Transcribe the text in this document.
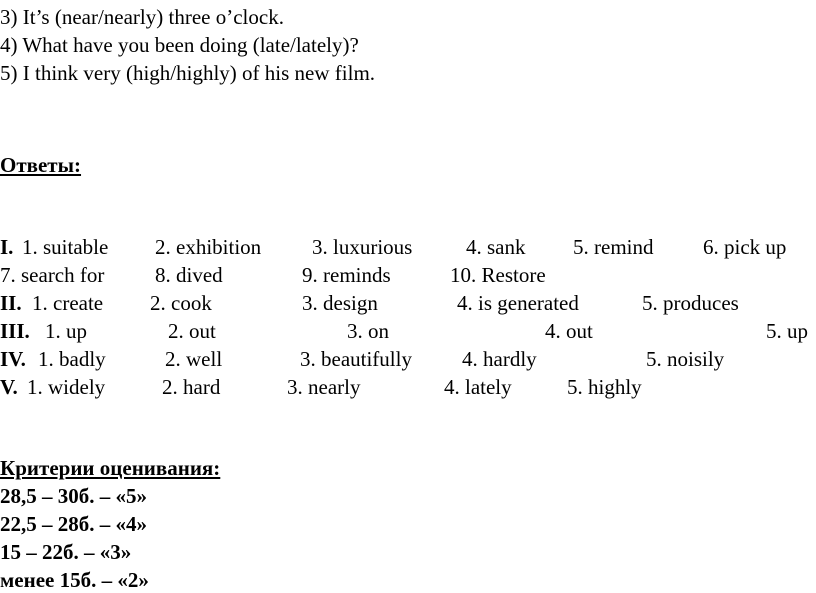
3) It’s (near/nearly) three o’clock.
4) What have you been doing (late/lately)?
5) I think very (high/highly) of his new film.
Ответы:

I.

1. suitable

2. exhibition

3. luxurious

	4. sank

5. remind

6. pick up

7. search for

8. dived

	9. reminds

	10. Restore

II.

1. create

2. cook

	3. design

	4. is generated

	5. produces

III.

1. up

	2. out

	3. on

	4. out

	5. up

IV.

1. badly

	2. well

	3. beautifully

4. hardly

	5. noisily

V.

1. widely

	2. hard

	3. nearly

	4. lately

	5. highly

Критерии оценивания:
28,5 – 30б. – «5»
22,5 – 28б. – «4»
15 – 22б. – «3»
менее 15б. – «2»
